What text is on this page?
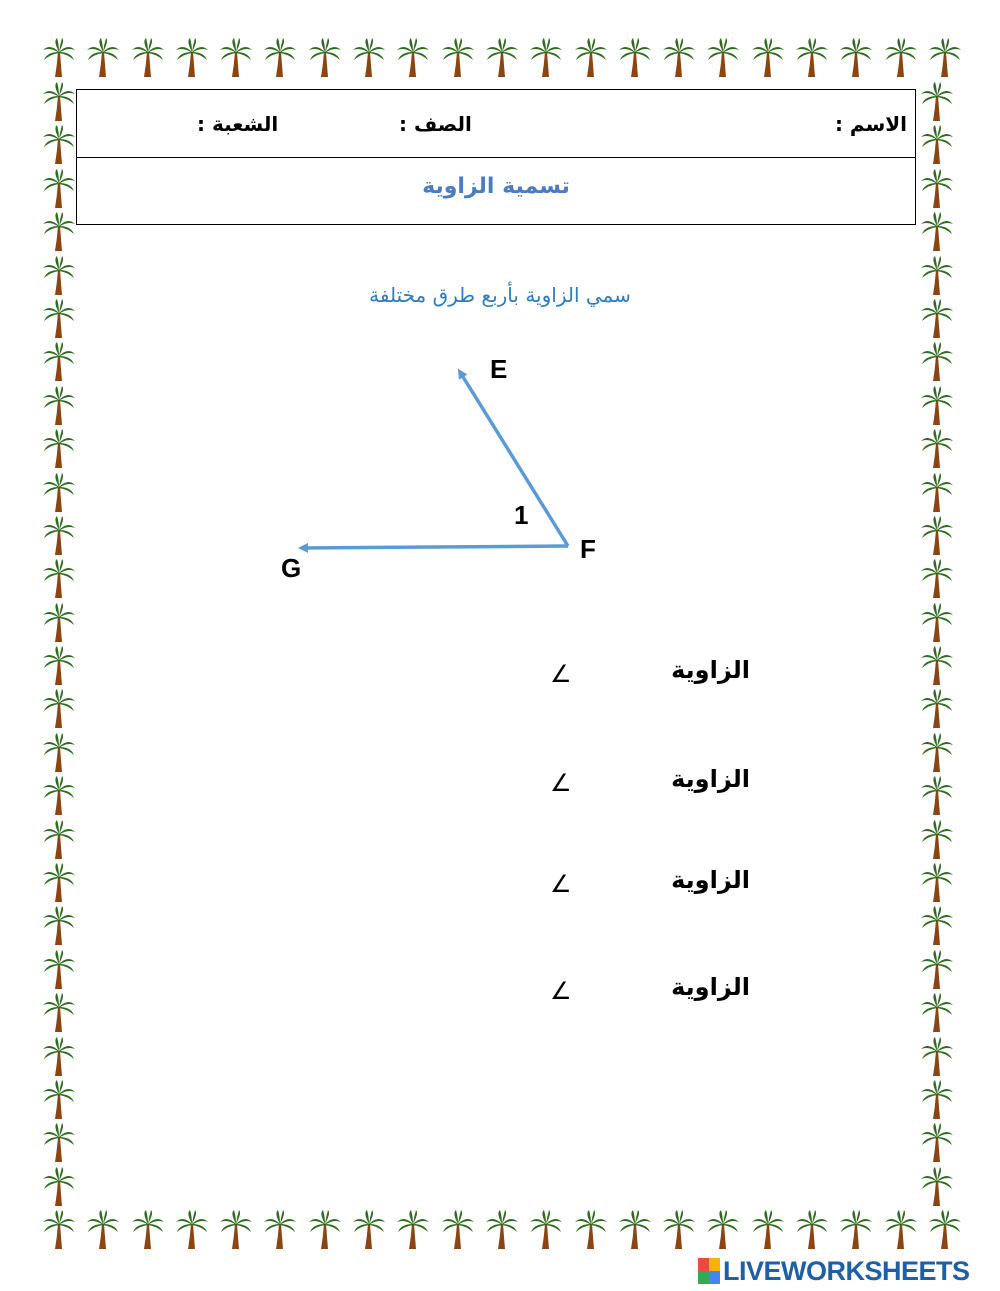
الاسم :
الصف :
الشعبة :
تسمية الزاوية
سمي الزاوية بأربع طرق مختلفة
E
F
G
1
الزاوية
∠
الزاوية
∠
الزاوية
∠
الزاوية
∠
LIVEWORKSHEETS
